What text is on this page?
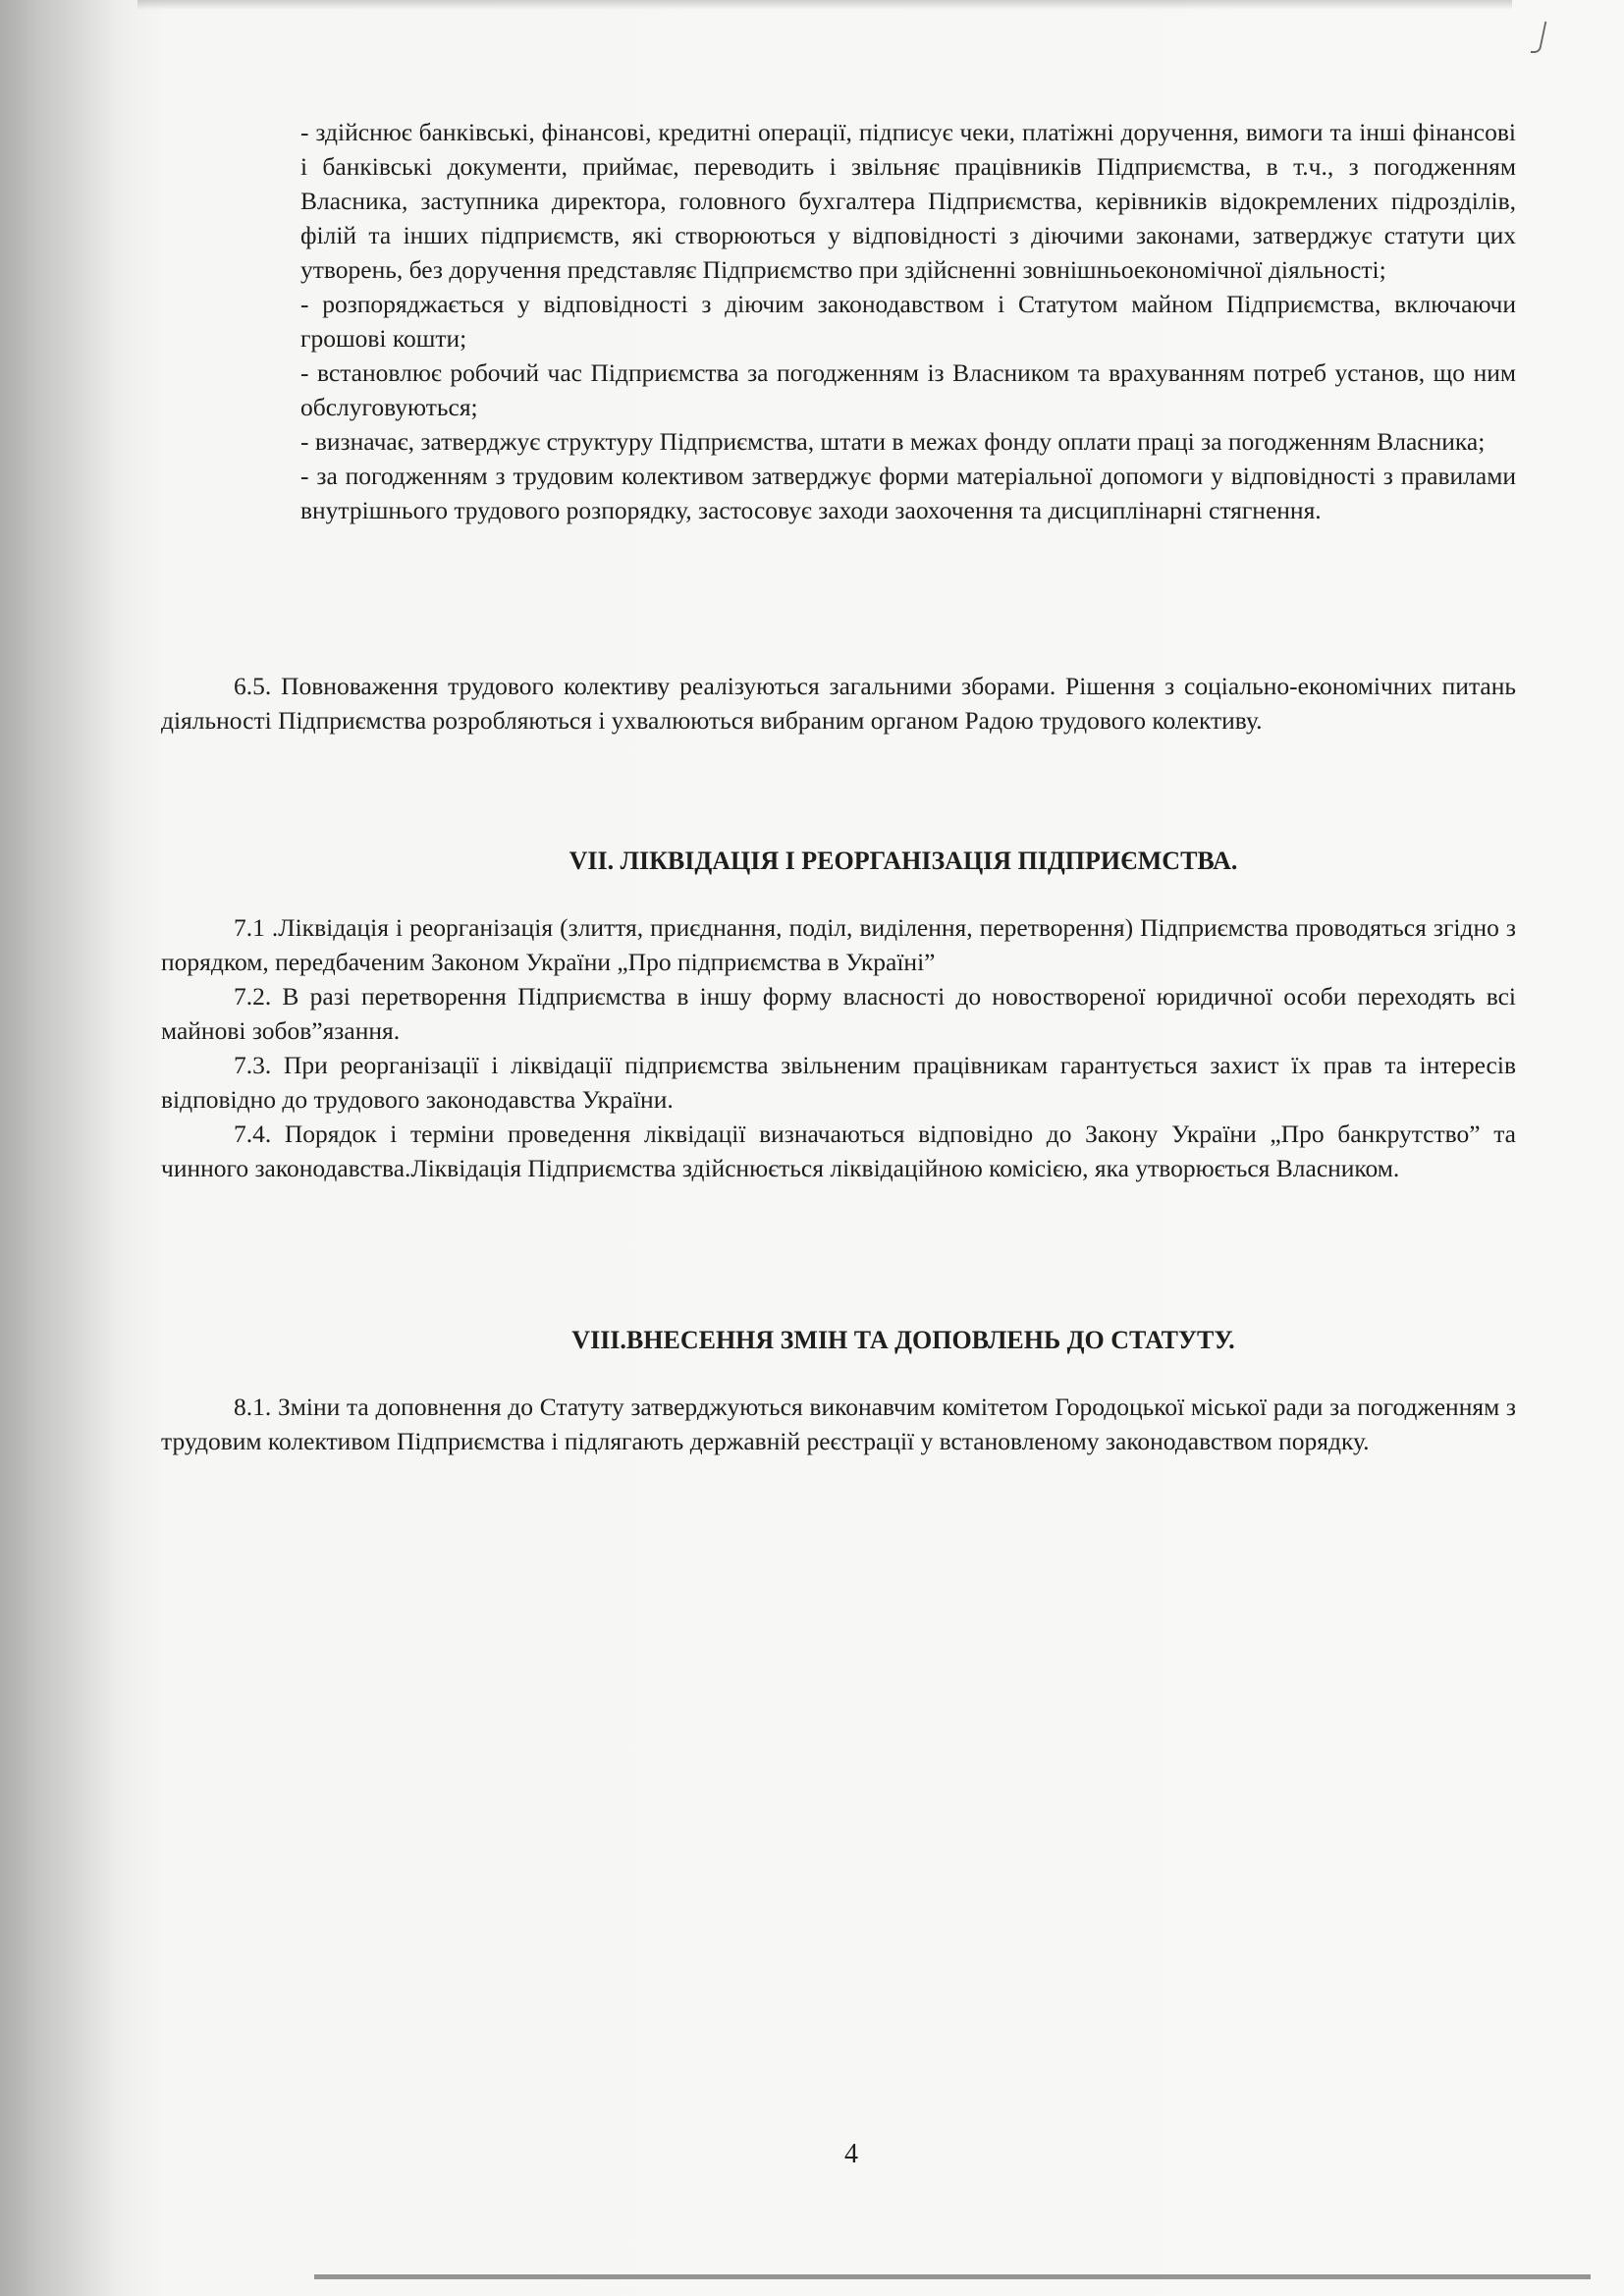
- здійснює банківські, фінансові, кредитні операції, підписує чеки, платіжні доручення, вимоги та інші фінансові і банківські документи, приймає, переводить і звільняє працівників Підприємства, в т.ч., з погодженням Власника, заступника директора, головного бухгалтера Підприємства, керівників відокремлених підрозділів, філій та інших підприємств, які створюються у відповідності з діючими законами, затверджує статути цих утворень, без доручення представляє Підприємство при здійсненні зовнішньоекономічної діяльності;

- розпоряджається у відповідності з діючим законодавством і Статутом майном Підприємства, включаючи грошові кошти;

- встановлює робочий час Підприємства за погодженням із Власником та врахуванням потреб установ, що ним обслуговуються;

- визначає, затверджує структуру Підприємства, штати в межах фонду оплати праці за погодженням Власника;

- за погодженням з трудовим колективом затверджує форми матеріальної допомоги у відповідності з правилами внутрішнього трудового розпорядку, застосовує заходи заохочення та дисциплінарні стягнення.

6.5. Повноваження трудового колективу реалізуються загальними зборами. Рішення з соціально-економічних питань діяльності Підприємства розробляються і ухвалюються вибраним органом Радою трудового колективу.

VII. ЛІКВІДАЦІЯ І РЕОРГАНІЗАЦІЯ ПІДПРИЄМСТВА.

7.1 .Ліквідація і реорганізація (злиття, приєднання, поділ, виділення, перетворення) Підприємства проводяться згідно з порядком, передбаченим Законом України „Про підприємства в Україні”

7.2. В разі перетворення Підприємства в іншу форму власності до новоствореної юридичної особи переходять всі майнові зобов”язання.

7.3. При реорганізації і ліквідації підприємства звільненим працівникам гарантується захист їх прав та інтересів відповідно до трудового законодавства України.

7.4. Порядок і терміни проведення ліквідації визначаються відповідно до Закону України „Про банкрутство” та чинного законодавства.Ліквідація Підприємства здійснюється ліквідаційною комісією, яка утворюється Власником.

VIII.ВНЕСЕННЯ ЗМІН ТА ДОПОВЛЕНЬ ДО СТАТУТУ.

8.1. Зміни та доповнення до Статуту затверджуються виконавчим комітетом Городоцької міської ради за погодженням з трудовим колективом Підприємства і підлягають державній реєстрації у встановленому законодавством порядку.

4
